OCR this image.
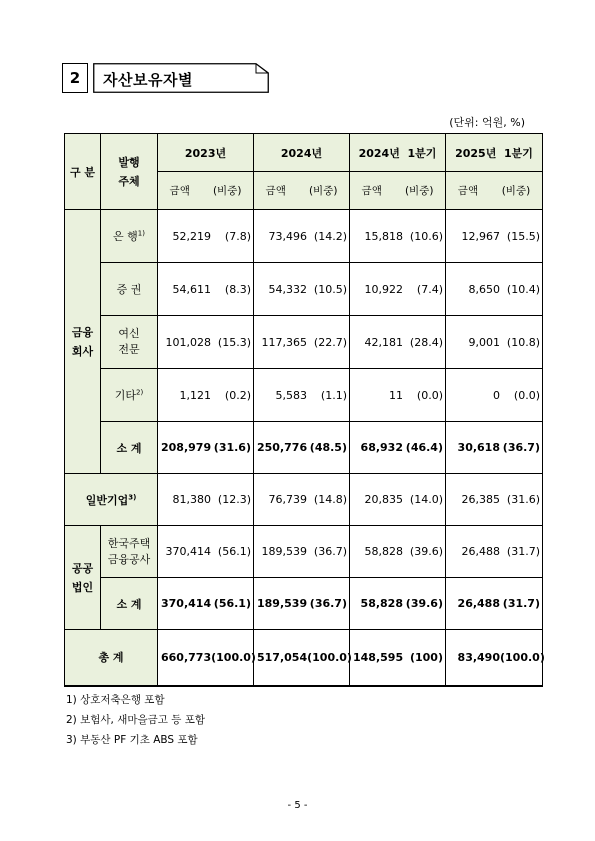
2	자산보유자별
(단위: 억원, %)
구 분	발행
주체	2023년	2024년	2024년  1분기	2025년  1분기

		금액 (비중)	금액 (비중)	금액 (비중)	금액 (비중)

금융
회사	은 행$^{1)}$	52,219 (7.8)	73,496 (14.2)	15,818 (10.6)	12,967 (15.5)

	증 권	54,611 (8.3)	54,332 (10.5)	10,922 (7.4)	8,650 (10.4)

	여신
전문	101,028 (15.3)	117,365 (22.7)	42,181 (28.4)	9,001 (10.8)

	기타$^{2)}$	1,121 (0.2)	5,583 (1.1)	11 (0.0)	0 (0.0)

	소 계	208,979 (31.6)	250,776 (48.5)	68,932 (46.4)	30,618 (36.7)

일반기업$^{3)}$		81,380 (12.3)	76,739 (14.8)	20,835 (14.0)	26,385 (31.6)

공공
법인	한국주택
금융공사	370,414 (56.1)	189,539 (36.7)	58,828 (39.6)	26,488 (31.7)

	소 계	370,414 (56.1)	189,539 (36.7)	58,828 (39.6)	26,488 (31.7)

총 계		660,773 (100.0)	517,054 (100.0)	148,595 (100)	83,490 (100.0)
1) 상호저축은행 포함
2) 보험사, 새마을금고 등 포함
3) 부동산 PF 기초 ABS 포함
- 5 -
